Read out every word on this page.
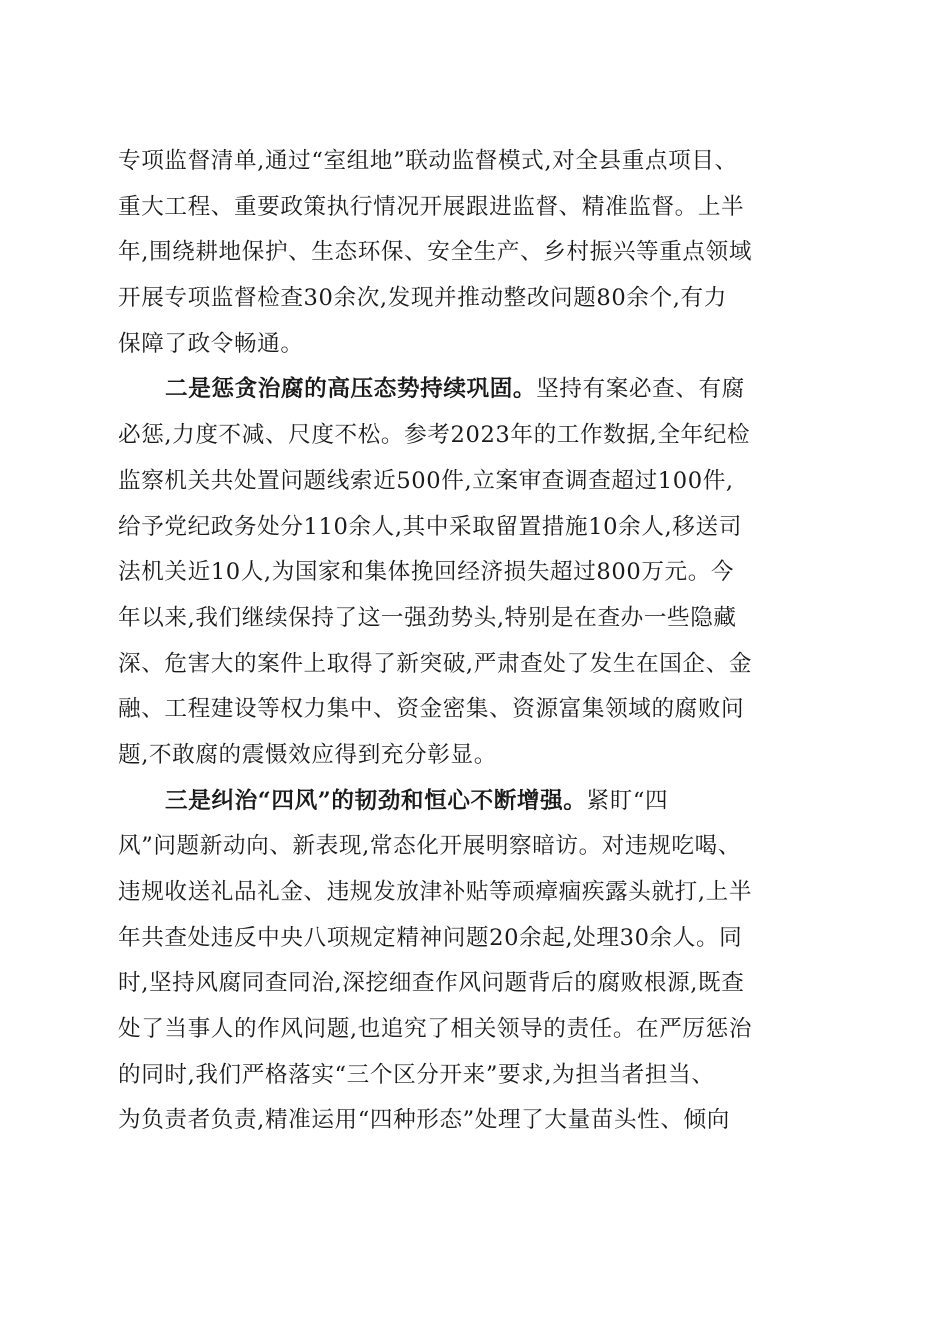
专项监督清单,通过“室组地”联动监督模式,对全县重点项目、
重大工程、重要政策执行情况开展跟进监督、精准监督。上半
年,围绕耕地保护、生态环保、安全生产、乡村振兴等重点领域
开展专项监督检查30余次,发现并推动整改问题80余个,有力
保障了政令畅通。
二是惩贪治腐的高压态势持续巩固。坚持有案必查、有腐
必惩,力度不减、尺度不松。参考2023年的工作数据,全年纪检
监察机关共处置问题线索近500件,立案审查调查超过100件,
给予党纪政务处分110余人,其中采取留置措施10余人,移送司
法机关近10人,为国家和集体挽回经济损失超过800万元。今
年以来,我们继续保持了这一强劲势头,特别是在查办一些隐藏
深、危害大的案件上取得了新突破,严肃查处了发生在国企、金
融、工程建设等权力集中、资金密集、资源富集领域的腐败问
题,不敢腐的震慑效应得到充分彰显。
三是纠治“四风”的韧劲和恒心不断增强。紧盯“四
风”问题新动向、新表现,常态化开展明察暗访。对违规吃喝、
违规收送礼品礼金、违规发放津补贴等顽瘴痼疾露头就打,上半
年共查处违反中央八项规定精神问题20余起,处理30余人。同
时,坚持风腐同查同治,深挖细查作风问题背后的腐败根源,既查
处了当事人的作风问题,也追究了相关领导的责任。在严厉惩治
的同时,我们严格落实“三个区分开来”要求,为担当者担当、
为负责者负责,精准运用“四种形态”处理了大量苗头性、倾向
